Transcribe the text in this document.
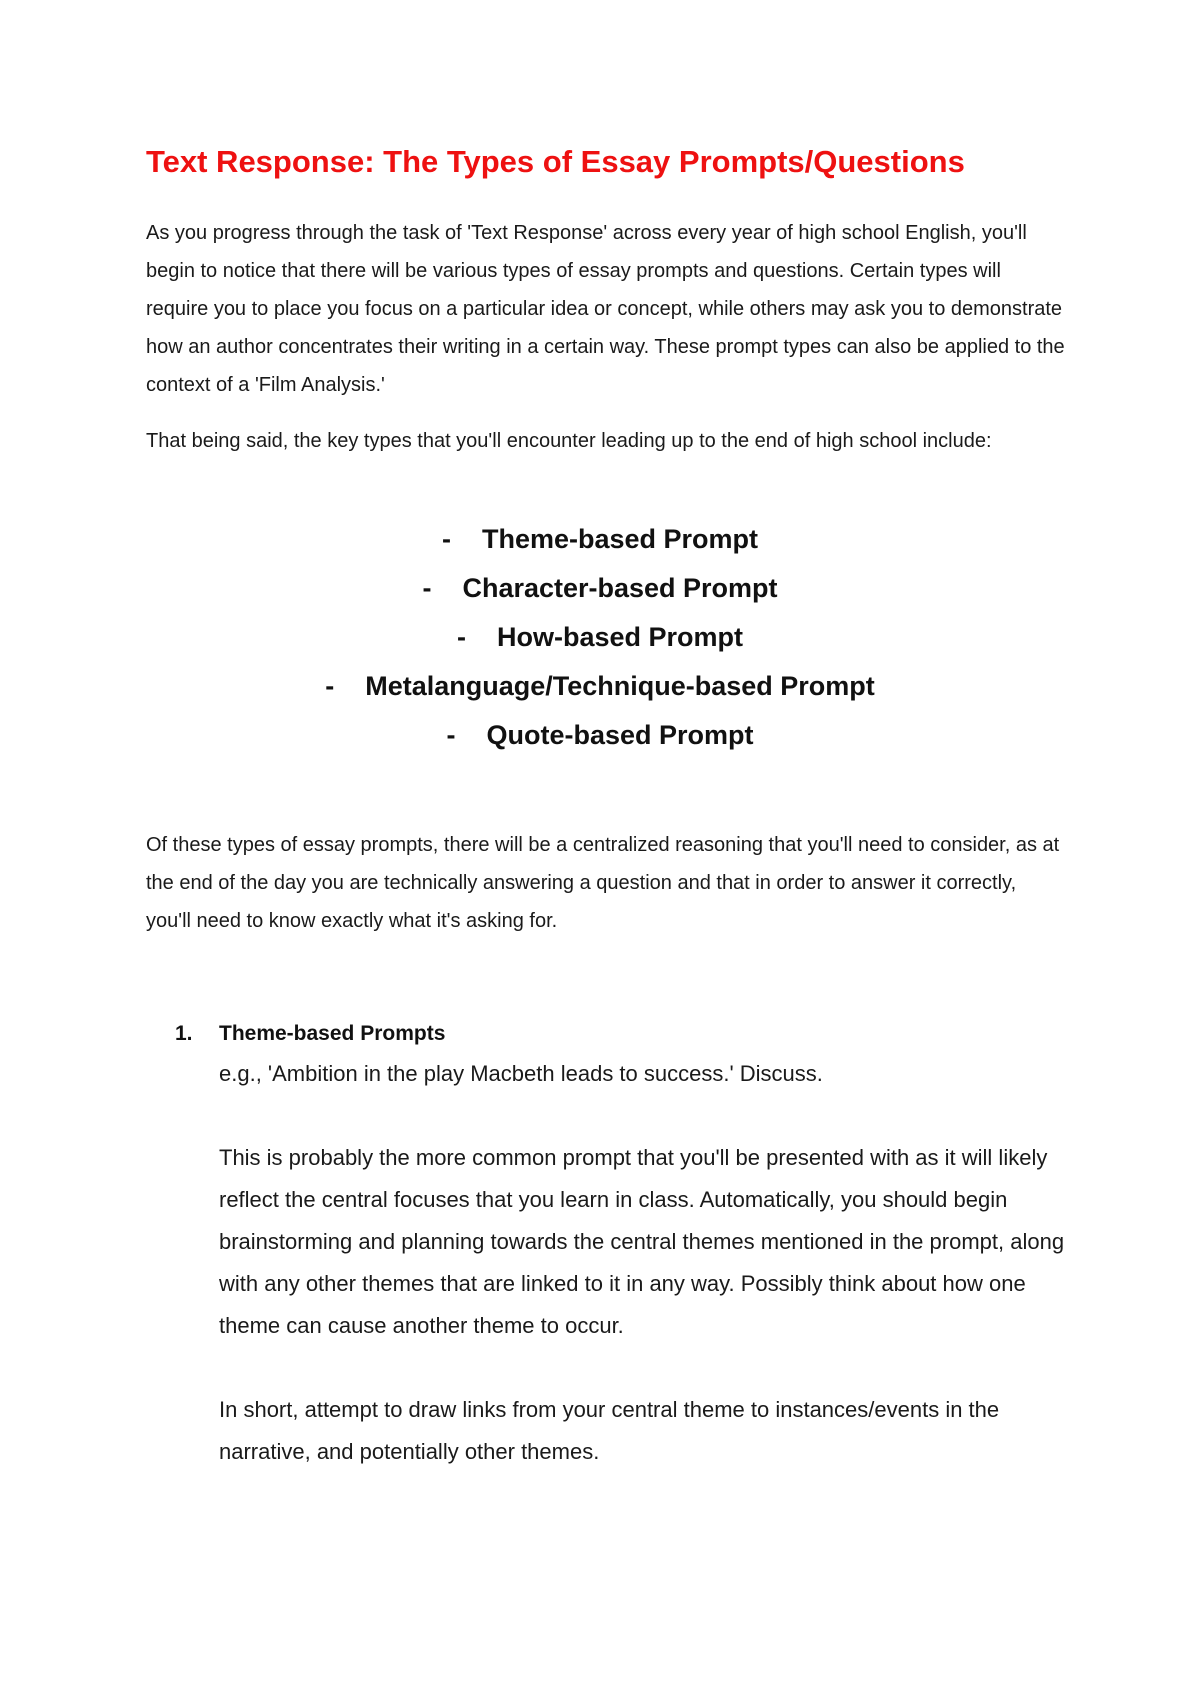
Text Response: The Types of Essay Prompts/Questions

As you progress through the task of 'Text Response' across every year of high school English, you'll begin to notice that there will be various types of essay prompts and questions. Certain types will require you to place you focus on a particular idea or concept, while others may ask you to demonstrate how an author concentrates their writing in a certain way. These prompt types can also be applied to the context of a 'Film Analysis.'

That being said, the key types that you'll encounter leading up to the end of high school include:

- Theme-based Prompt
- Character-based Prompt
- How-based Prompt
- Metalanguage/Technique-based Prompt
- Quote-based Prompt

Of these types of essay prompts, there will be a centralized reasoning that you'll need to consider, as at the end of the day you are technically answering a question and that in order to answer it correctly, you'll need to know exactly what it's asking for.

1. Theme-based Prompts

e.g., 'Ambition in the play Macbeth leads to success.' Discuss.

This is probably the more common prompt that you'll be presented with as it will likely reflect the central focuses that you learn in class. Automatically, you should begin brainstorming and planning towards the central themes mentioned in the prompt, along with any other themes that are linked to it in any way. Possibly think about how one theme can cause another theme to occur.

In short, attempt to draw links from your central theme to instances/events in the narrative, and potentially other themes.
